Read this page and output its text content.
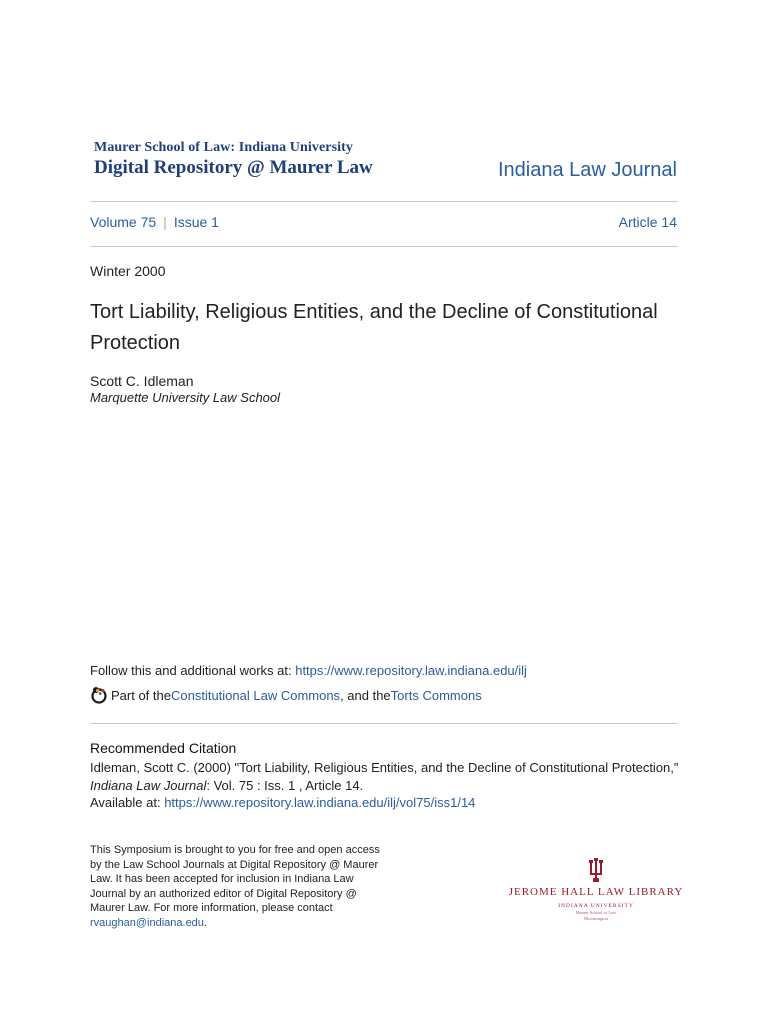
Maurer School of Law: Indiana University
Digital Repository @ Maurer Law	Indiana Law Journal
Volume 75 | Issue 1	Article 14
Winter 2000
Tort Liability, Religious Entities, and the Decline of Constitutional Protection
Scott C. Idleman
Marquette University Law School
Follow this and additional works at: https://www.repository.law.indiana.edu/ilj
Part of the Constitutional Law Commons , and the Torts Commons
Recommended Citation
Idleman, Scott C. (2000) "Tort Liability, Religious Entities, and the Decline of Constitutional Protection,"
Indiana Law Journal: Vol. 75 : Iss. 1 , Article 14.
Available at: https://www.repository.law.indiana.edu/ilj/vol75/iss1/14
This Symposium is brought to you for free and open access by the Law School Journals at Digital Repository @ Maurer Law. It has been accepted for inclusion in Indiana Law Journal by an authorized editor of Digital Repository @ Maurer Law. For more information, please contact rvaughan@indiana.edu.
JEROME HALL LAW LIBRARY
INDIANA UNIVERSITY
Maurer School of Law
Bloomington
